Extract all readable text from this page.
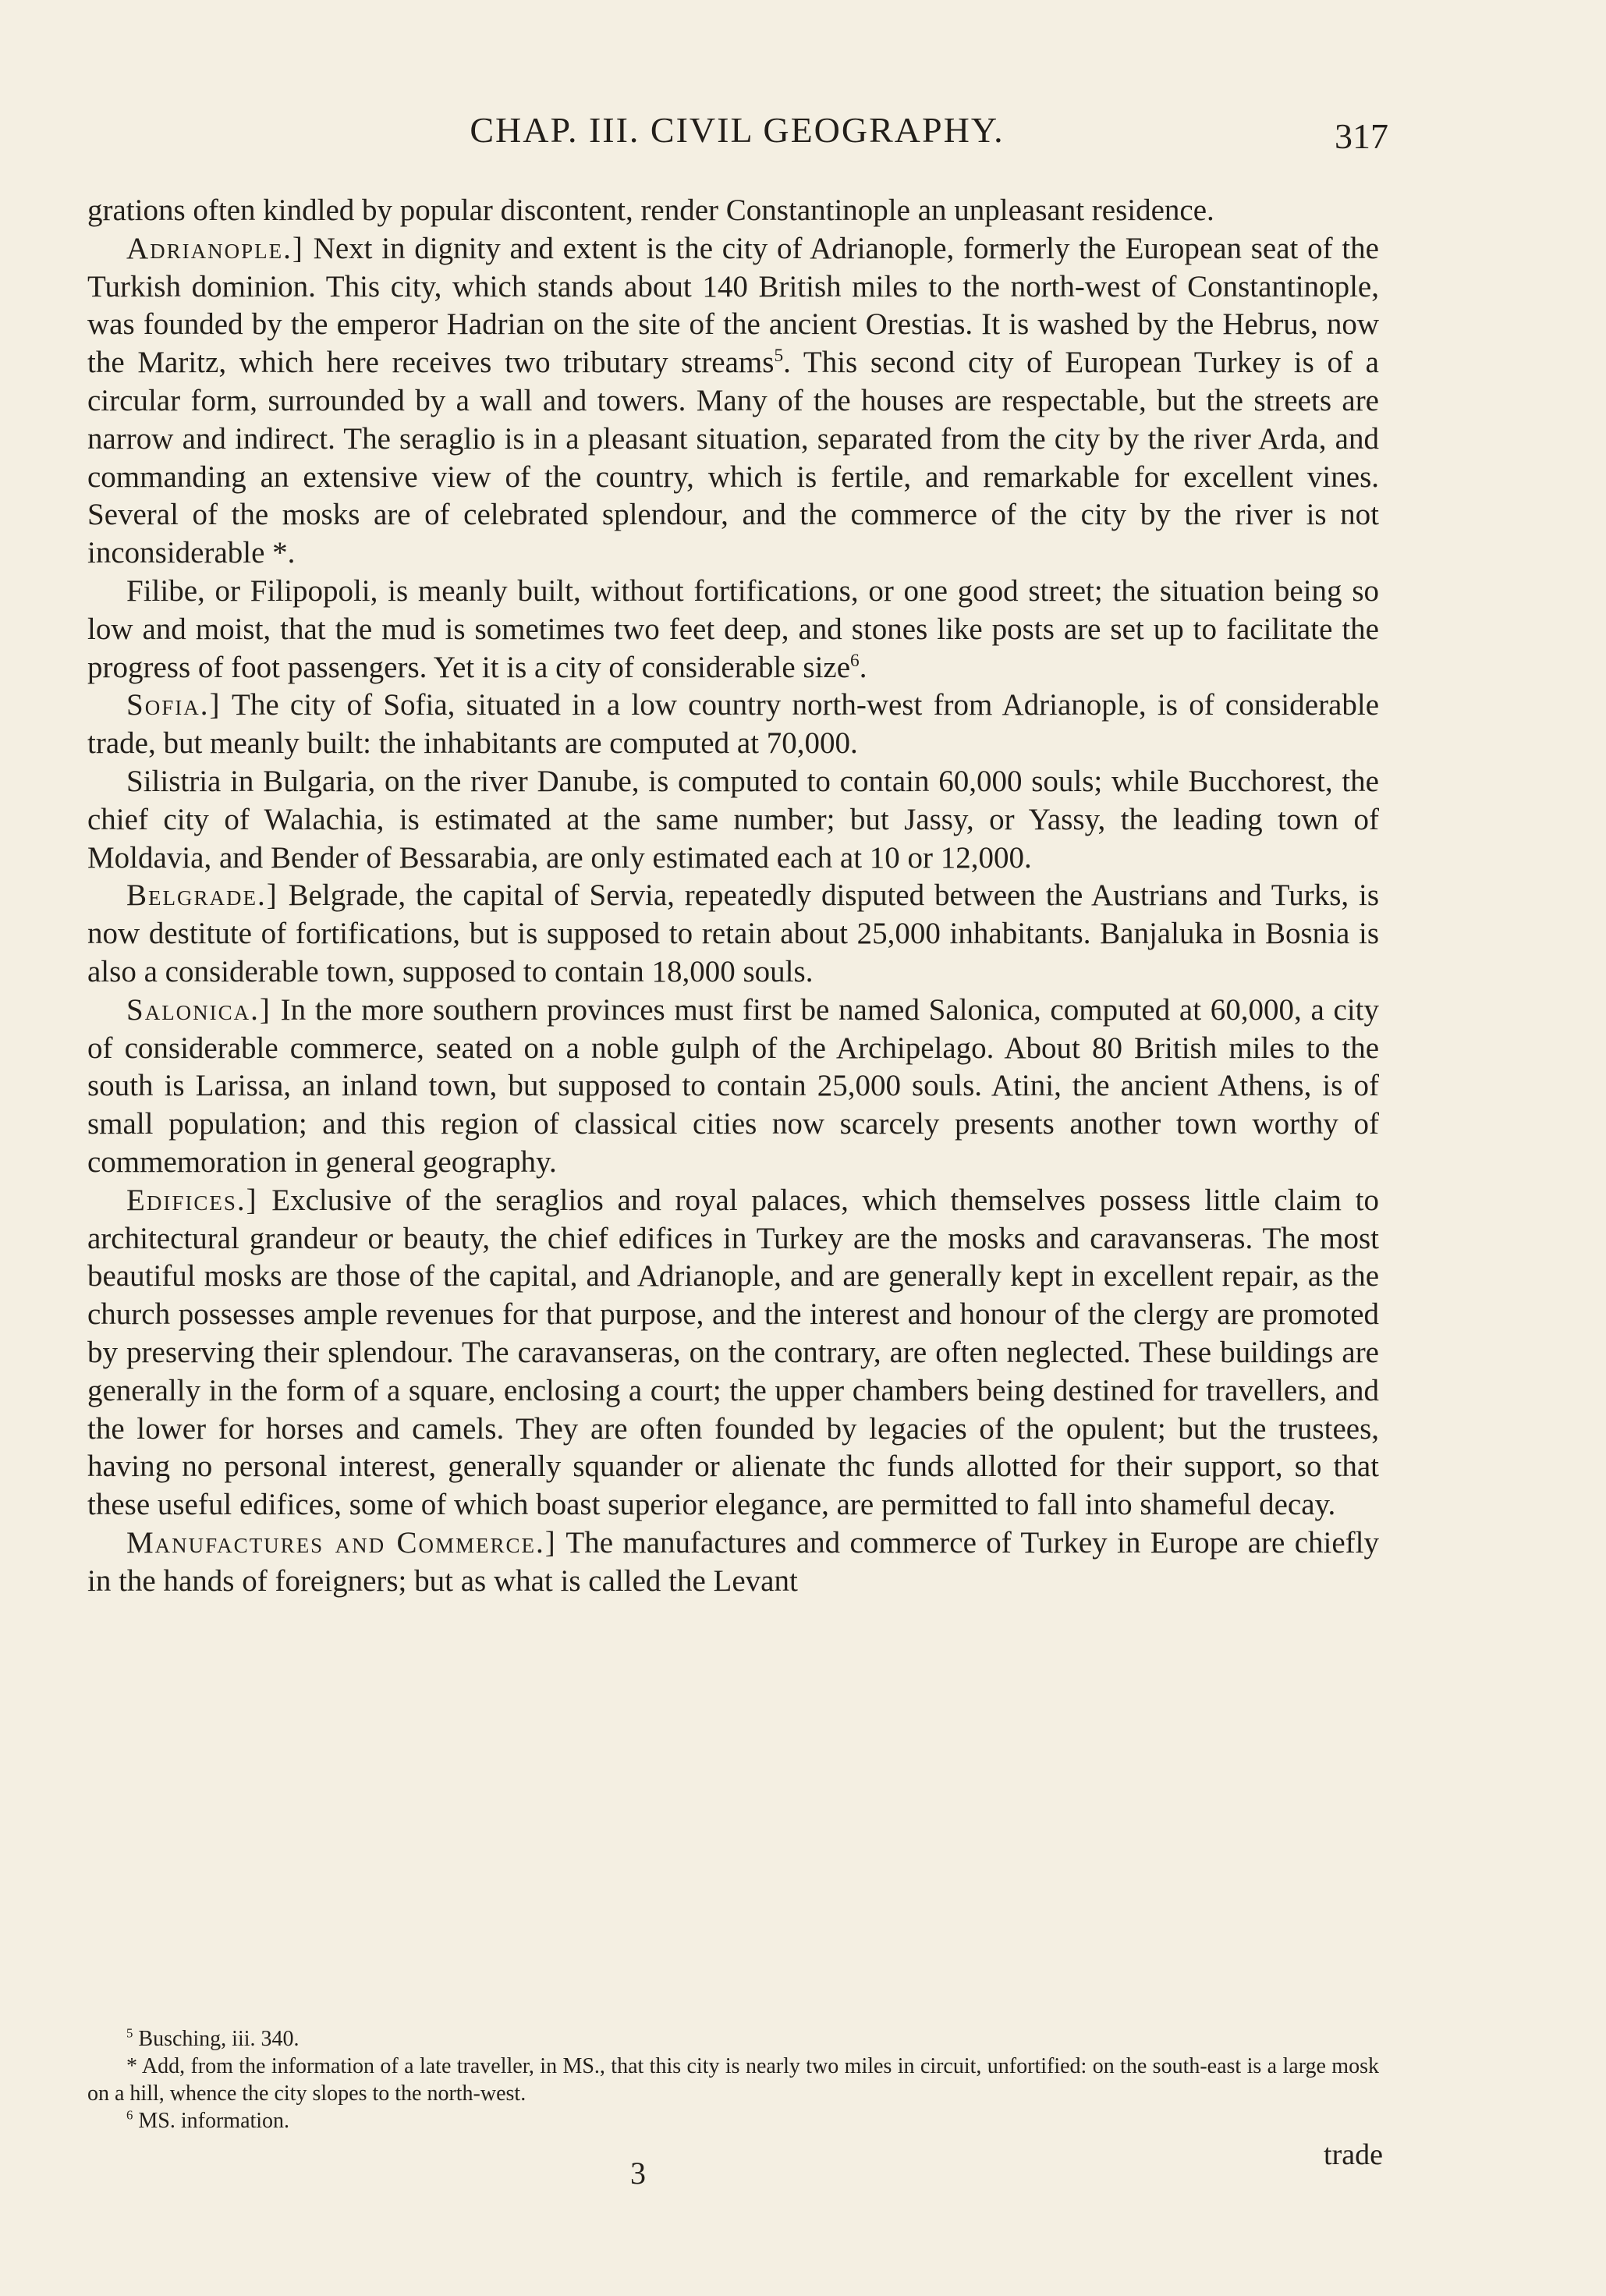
CHAP. III. CIVIL GEOGRAPHY.	317

grations often kindled by popular discontent, render Constantinople an unpleasant residence.

Adrianople.] Next in dignity and extent is the city of Adrianople, formerly the European seat of the Turkish dominion. This city, which stands about 140 British miles to the north-west of Constantinople, was founded by the emperor Hadrian on the site of the ancient Orestias. It is washed by the Hebrus, now the Maritz, which here receives two tributary streams$^5$. This second city of European Turkey is of a circular form, surrounded by a wall and towers. Many of the houses are respectable, but the streets are narrow and indirect. The seraglio is in a pleasant situation, separated from the city by the river Arda, and commanding an extensive view of the country, which is fertile, and remarkable for excellent vines. Several of the mosks are of celebrated splendour, and the commerce of the city by the river is not inconsiderable *.

Filibe, or Filipopoli, is meanly built, without fortifications, or one good street; the situation being so low and moist, that the mud is sometimes two feet deep, and stones like posts are set up to facilitate the progress of foot passengers. Yet it is a city of considerable size$^6$.

Sofia.] The city of Sofia, situated in a low country north-west from Adrianople, is of considerable trade, but meanly built: the inhabitants are computed at 70,000.

Silistria in Bulgaria, on the river Danube, is computed to contain 60,000 souls; while Bucchorest, the chief city of Walachia, is estimated at the same number; but Jassy, or Yassy, the leading town of Moldavia, and Bender of Bessarabia, are only estimated each at 10 or 12,000.

Belgrade.] Belgrade, the capital of Servia, repeatedly disputed between the Austrians and Turks, is now destitute of fortifications, but is supposed to retain about 25,000 inhabitants. Banjaluka in Bosnia is also a considerable town, supposed to contain 18,000 souls.

Salonica.] In the more southern provinces must first be named Salonica, computed at 60,000, a city of considerable commerce, seated on a noble gulph of the Archipelago. About 80 British miles to the south is Larissa, an inland town, but supposed to contain 25,000 souls. Atini, the ancient Athens, is of small population; and this region of classical cities now scarcely presents another town worthy of commemoration in general geography.

Edifices.] Exclusive of the seraglios and royal palaces, which themselves possess little claim to architectural grandeur or beauty, the chief edifices in Turkey are the mosks and caravanseras. The most beautiful mosks are those of the capital, and Adrianople, and are generally kept in excellent repair, as the church possesses ample revenues for that purpose, and the interest and honour of the clergy are promoted by preserving their splendour. The caravanseras, on the contrary, are often neglected. These buildings are generally in the form of a square, enclosing a court; the upper chambers being destined for travellers, and the lower for horses and camels. They are often founded by legacies of the opulent; but the trustees, having no personal interest, generally squander or alienate thc funds allotted for their support, so that these useful edifices, some of which boast superior elegance, are permitted to fall into shameful decay.

Manufactures and Commerce.] The manufactures and commerce of Turkey in Europe are chiefly in the hands of foreigners; but as what is called the Levant

$^5$ Busching, iii. 340.

* Add, from the information of a late traveller, in MS., that this city is nearly two miles in circuit, unfortified: on the south-east is a large mosk on a hill, whence the city slopes to the north-west.

$^6$ MS. information.

3
trade
